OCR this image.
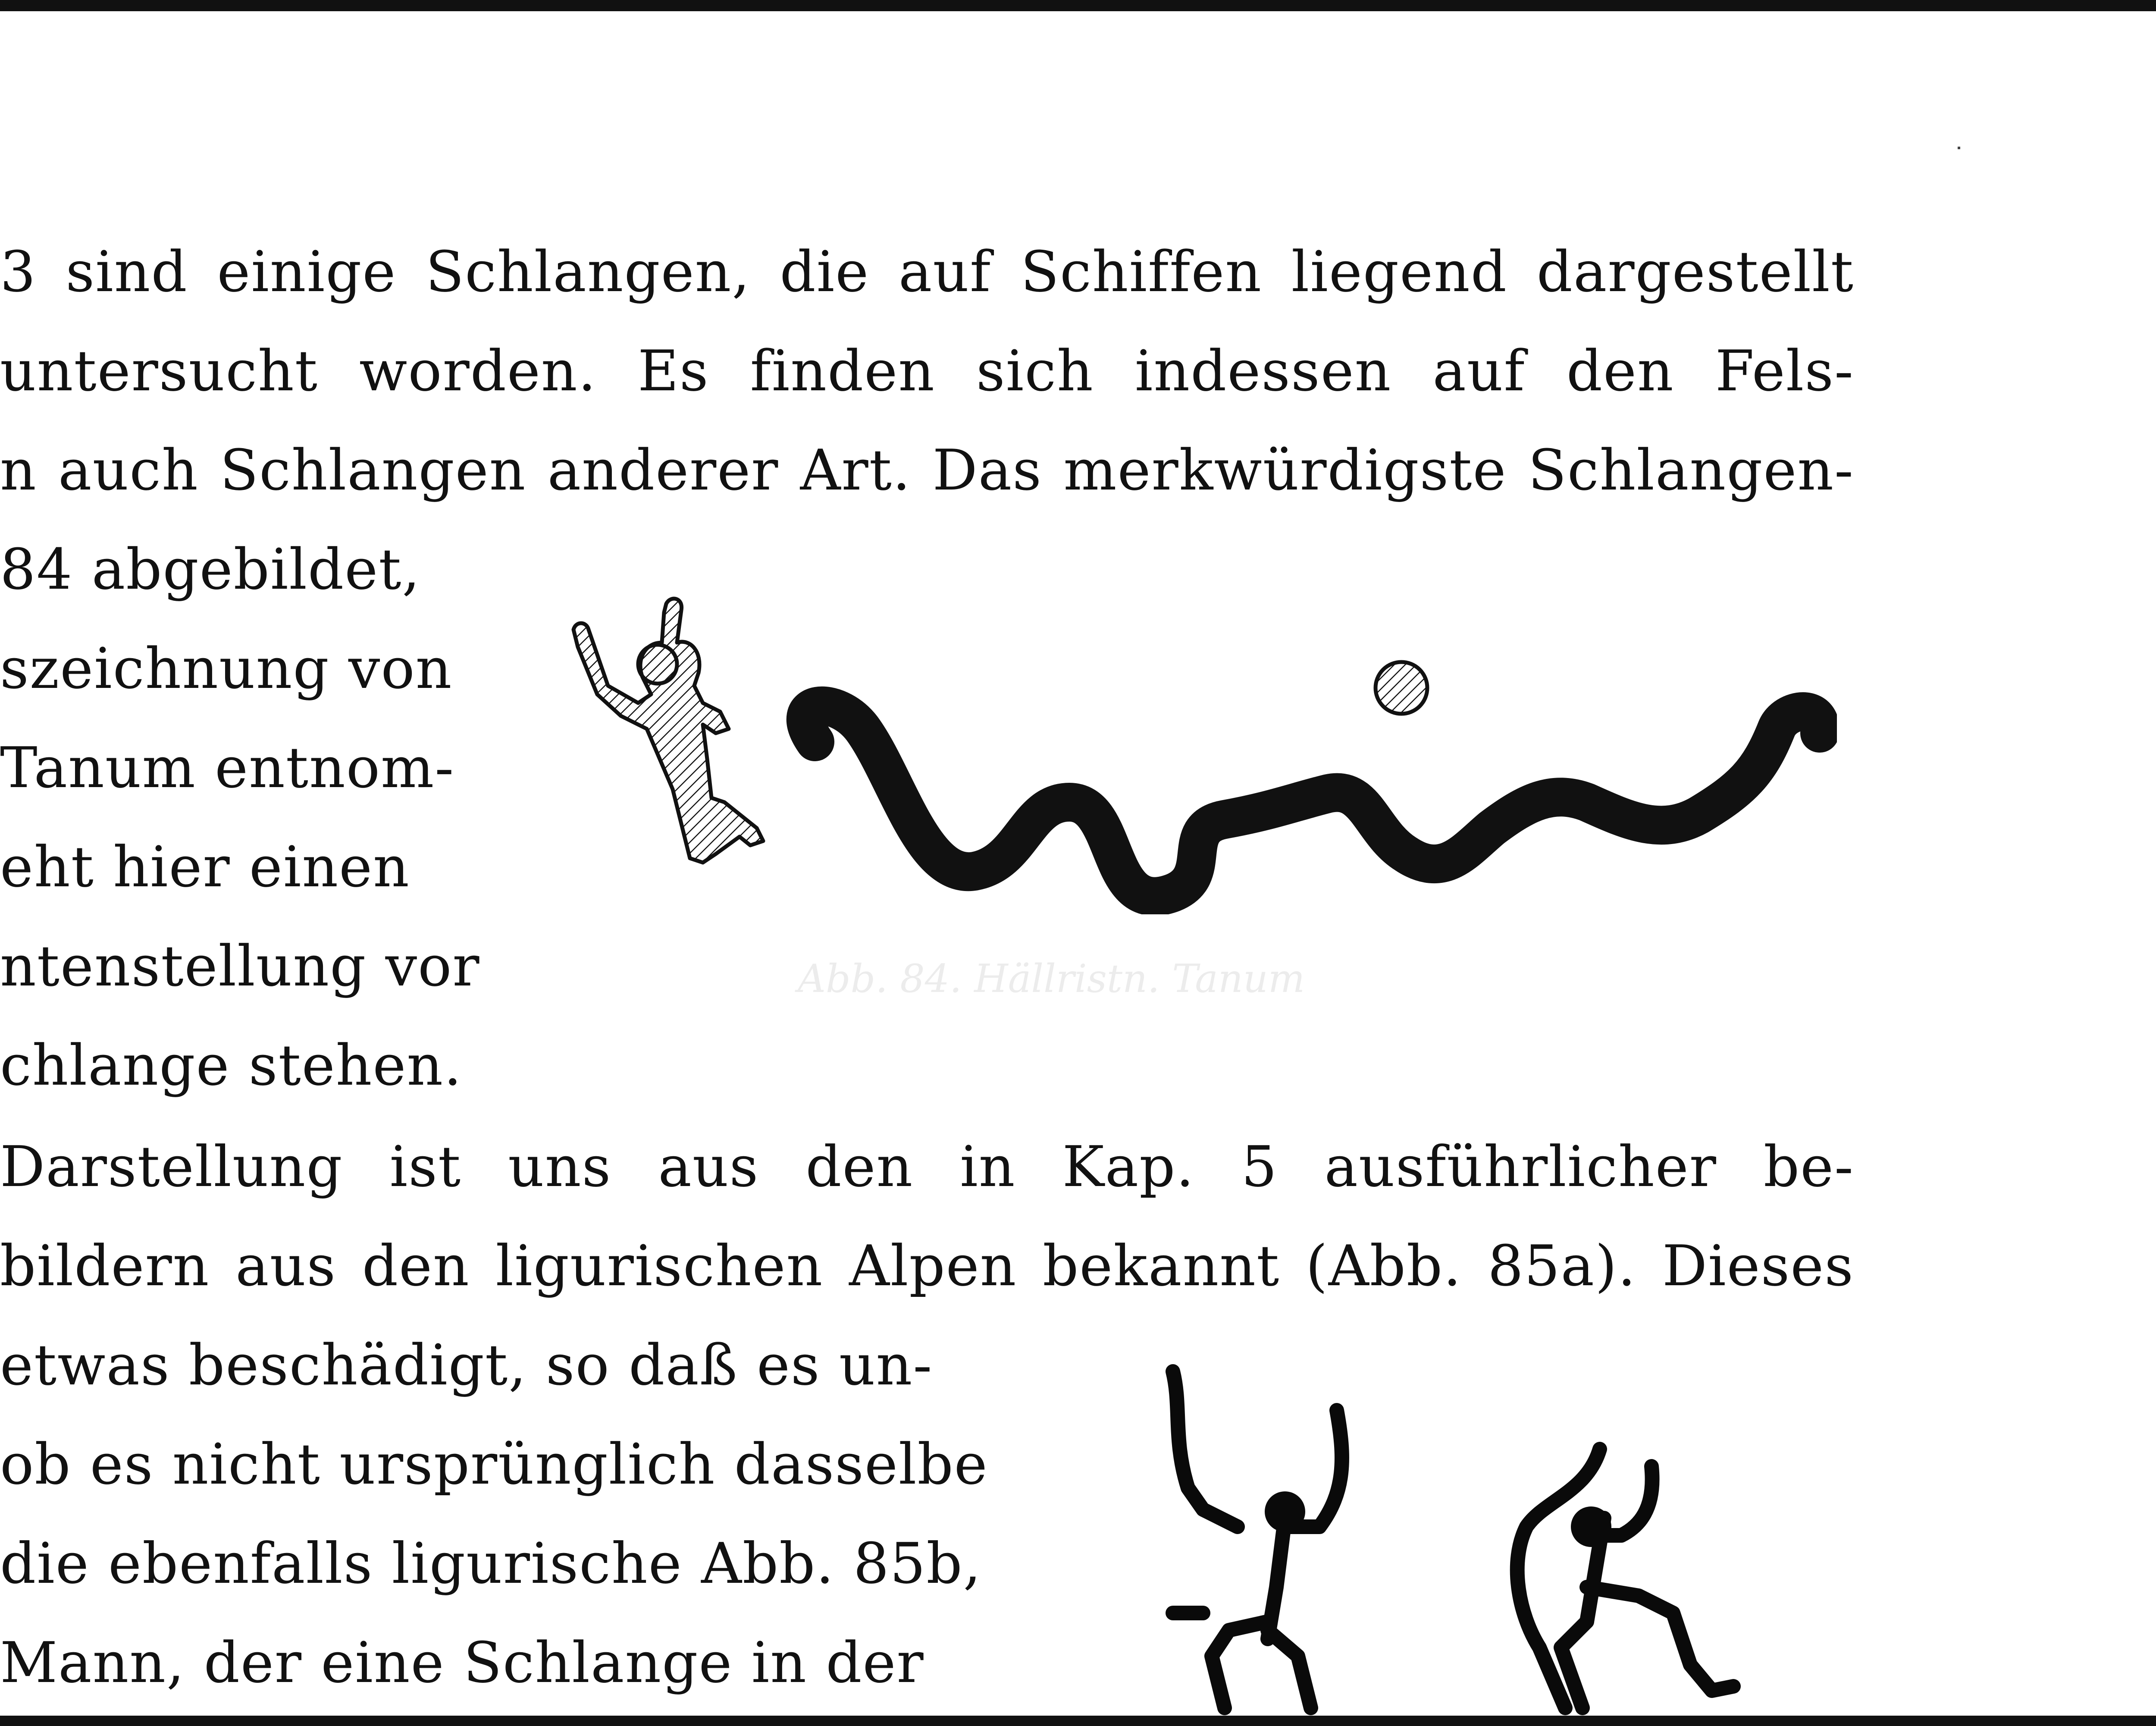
3 sind einige Schlangen, die auf Schiffen liegend dargestellt
untersucht worden. Es finden sich indessen auf den Fels-
n auch Schlangen anderer Art. Das merkwürdigste Schlangen-
84 abgebildet,
szeichnung von
Tanum entnom-
eht hier einen
ntenstellung vor
chlange stehen.
Abb. 84. Hällristn. Tanum
Darstellung ist uns aus den in Kap. 5 ausführlicher be-
bildern aus den ligurischen Alpen bekannt (Abb. 85a). Dieses
etwas beschädigt, so daß es un-
ob es nicht ursprünglich dasselbe
die ebenfalls ligurische Abb. 85b,
Mann, der eine Schlange in der
